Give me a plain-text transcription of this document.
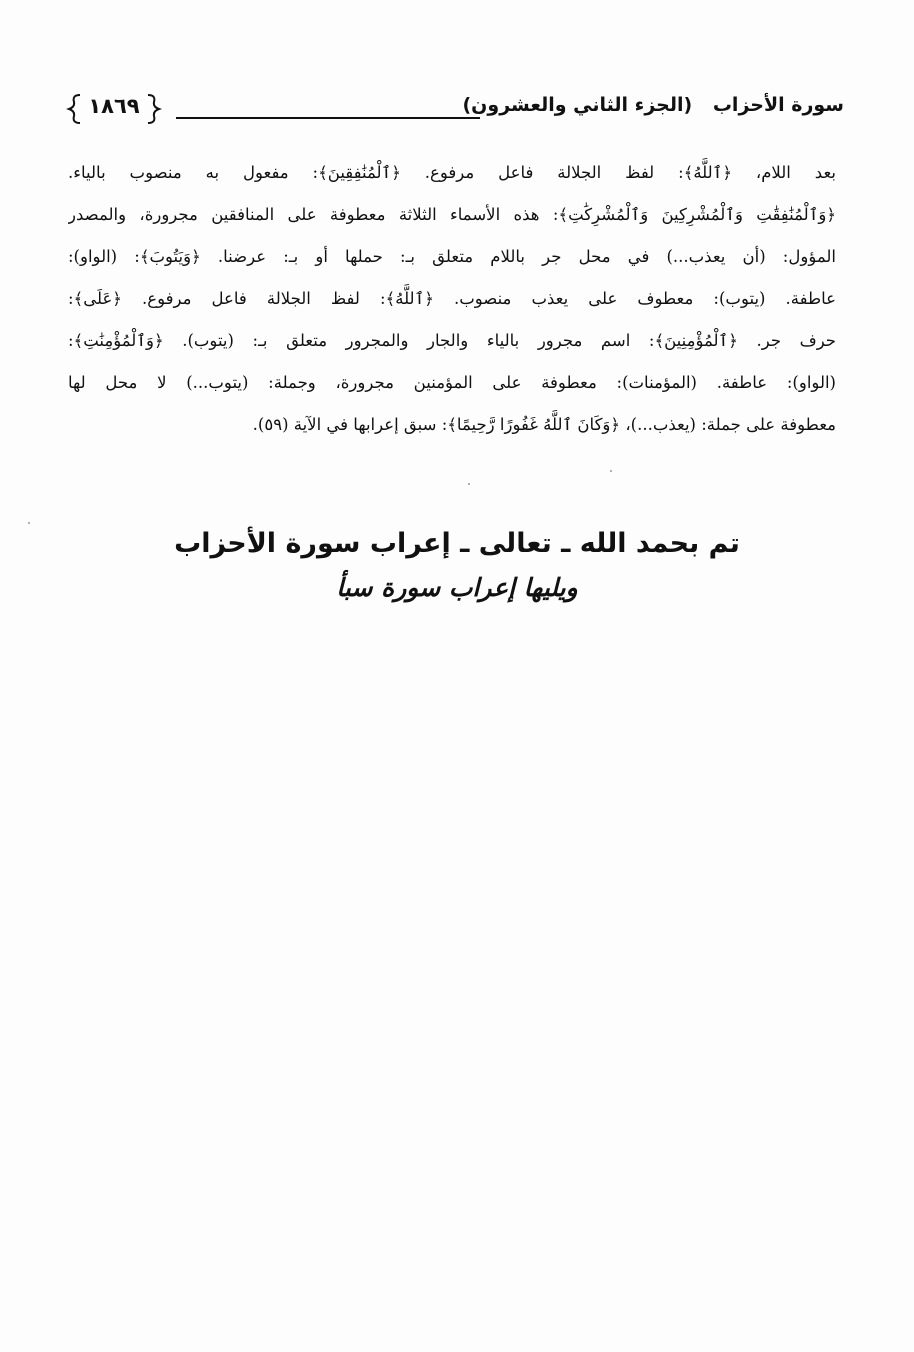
سورة الأحزاب (الجزء الثاني والعشرون)
١٨٦٩
بعد اللام، ﴿ٱللَّهُ﴾: لفظ الجلالة فاعل مرفوع. ﴿ٱلْمُنَٰفِقِينَ﴾: مفعول به منصوب بالياء.
﴿وَٱلْمُنَٰفِقَٰتِ وَٱلْمُشْرِكِينَ وَٱلْمُشْرِكَٰتِ﴾: هذه الأسماء الثلاثة معطوفة على المنافقين مجرورة، والمصدر
المؤول: (أن يعذب...) في محل جر باللام متعلق بـ: حملها أو بـ: عرضنا. ﴿وَيَتُوبَ﴾: (الواو):
عاطفة. (يتوب): معطوف على يعذب منصوب. ﴿ٱللَّهُ﴾: لفظ الجلالة فاعل مرفوع. ﴿عَلَى﴾:
حرف جر. ﴿ٱلْمُؤْمِنِينَ﴾: اسم مجرور بالياء والجار والمجرور متعلق بـ: (يتوب). ﴿وَٱلْمُؤْمِنَٰتِ﴾:
(الواو): عاطفة. (المؤمنات): معطوفة على المؤمنين مجرورة، وجملة: (يتوب...) لا محل لها
معطوفة على جملة: (يعذب...)، ﴿وَكَانَ ٱللَّهُ غَفُورًا رَّحِيمًا﴾: سبق إعرابها في الآية (٥٩).
تم بحمد الله ـ تعالى ـ إعراب سورة الأحزاب
ويليها إعراب سورة سبأ
